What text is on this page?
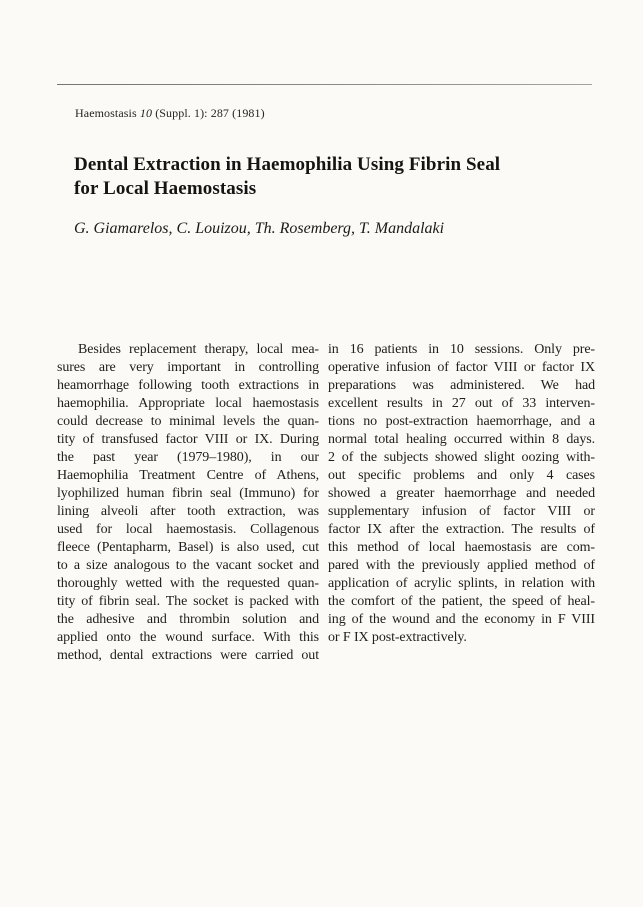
Haemostasis 10 (Suppl. 1): 287 (1981)
Dental Extraction in Haemophilia Using Fibrin Seal
for Local Haemostasis
G. Giamarelos, C. Louizou, Th. Rosemberg, T. Mandalaki
Besides replacement therapy, local mea-
sures are very important in controlling
heamorrhage following tooth extractions in
haemophilia. Appropriate local haemostasis
could decrease to minimal levels the quan-
tity of transfused factor VIII or IX. During
the past year (1979–1980), in our
Haemophilia Treatment Centre of Athens,
lyophilized human fibrin seal (Immuno) for
lining alveoli after tooth extraction, was
used for local haemostasis. Collagenous
fleece (Pentapharm, Basel) is also used, cut
to a size analogous to the vacant socket and
thoroughly wetted with the requested quan-
tity of fibrin seal. The socket is packed with
the adhesive and thrombin solution and
applied onto the wound surface. With this
method, dental extractions were carried out
in 16 patients in 10 sessions. Only pre-
operative infusion of factor VIII or factor IX
preparations was administered. We had
excellent results in 27 out of 33 interven-
tions no post-extraction haemorrhage, and a
normal total healing occurred within 8 days.
2 of the subjects showed slight oozing with-
out specific problems and only 4 cases
showed a greater haemorrhage and needed
supplementary infusion of factor VIII or
factor IX after the extraction. The results of
this method of local haemostasis are com-
pared with the previously applied method of
application of acrylic splints, in relation with
the comfort of the patient, the speed of heal-
ing of the wound and the economy in F VIII
or F IX post-extractively.
